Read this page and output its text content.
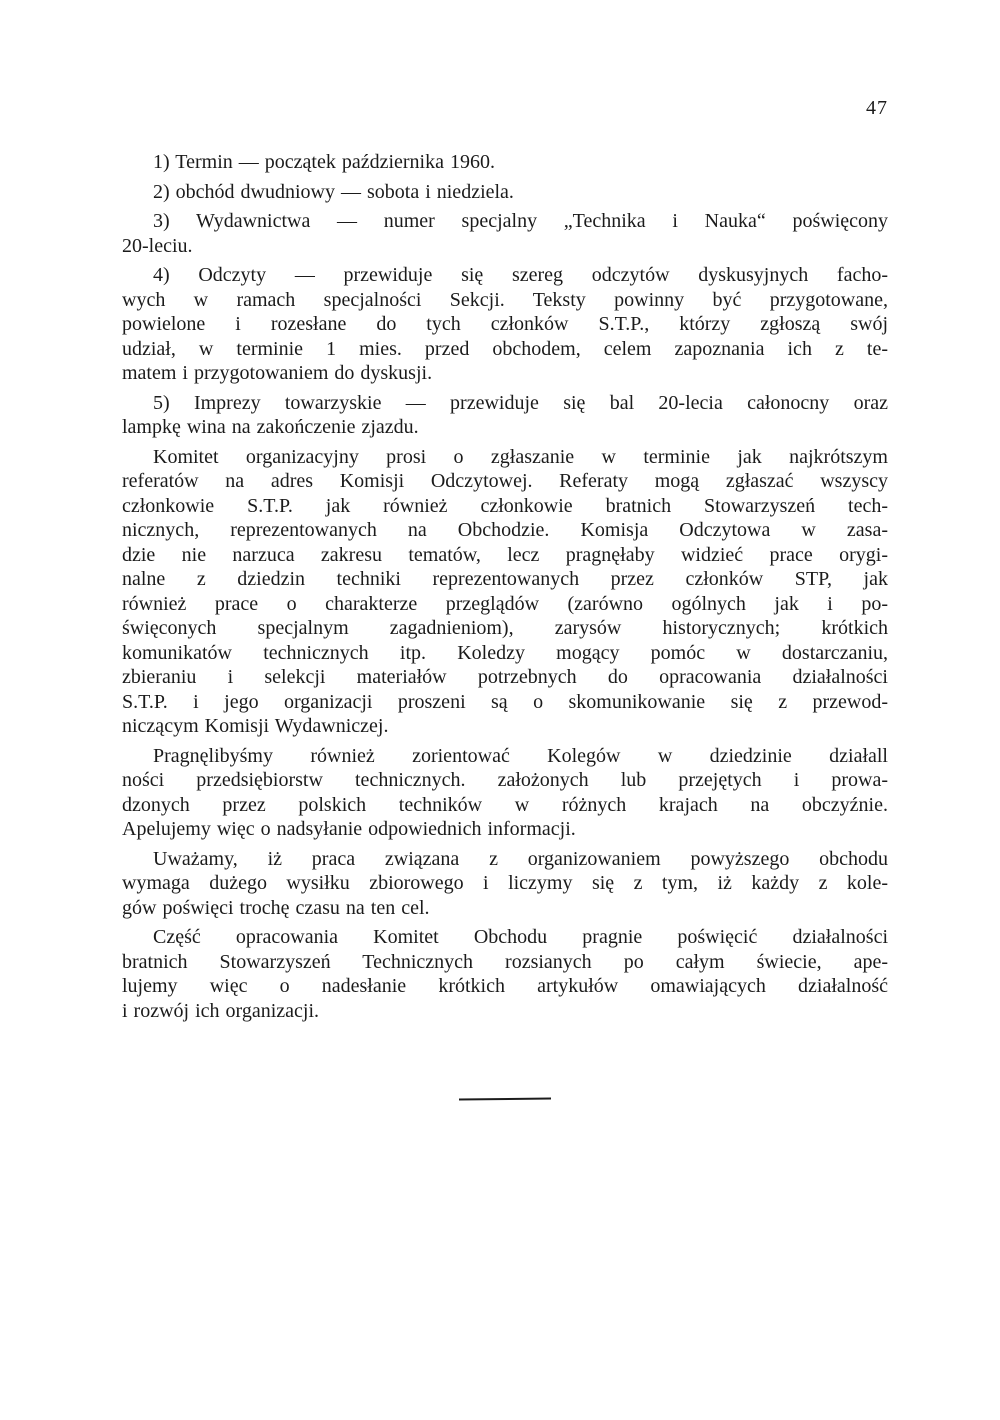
47
1) Termin — początek października 1960.
2) obchód dwudniowy — sobota i niedziela.
3) Wydawnictwa — numer specjalny „Technika i Nauka“ poświęcony
20-leciu.
4) Odczyty — przewiduje się szereg odczytów dyskusyjnych facho-
wych w ramach specjalności Sekcji. Teksty powinny być przygotowane,
powielone i rozesłane do tych członków S.T.P., którzy zgłoszą swój
udział, w terminie 1 mies. przed obchodem, celem zapoznania ich z te-
matem i przygotowaniem do dyskusji.
5) Imprezy towarzyskie — przewiduje się bal 20-lecia całonocny oraz
lampkę wina na zakończenie zjazdu.
Komitet organizacyjny prosi o zgłaszanie w terminie jak najkrótszym
referatów na adres Komisji Odczytowej. Referaty mogą zgłaszać wszyscy
członkowie S.T.P. jak również członkowie bratnich Stowarzyszeń tech-
nicznych, reprezentowanych na Obchodzie. Komisja Odczytowa w zasa-
dzie nie narzuca zakresu tematów, lecz pragnęłaby widzieć prace orygi-
nalne z dziedzin techniki reprezentowanych przez członków STP, jak
również prace o charakterze przeglądów (zarówno ogólnych jak i po-
święconych specjalnym zagadnieniom), zarysów historycznych; krótkich
komunikatów technicznych itp. Koledzy mogący pomóc w dostarczaniu,
zbieraniu i selekcji materiałów potrzebnych do opracowania działalności
S.T.P. i jego organizacji proszeni są o skomunikowanie się z przewod-
niczącym Komisji Wydawniczej.
Pragnęlibyśmy również zorientować Kolegów w dziedzinie działall
ności przedsiębiorstw technicznych. założonych lub przejętych i prowa-
dzonych przez polskich techników w różnych krajach na obczyźnie.
Apelujemy więc o nadsyłanie odpowiednich informacji.
Uważamy, iż praca związana z organizowaniem powyższego obchodu
wymaga dużego wysiłku zbiorowego i liczymy się z tym, iż każdy z kole-
gów poświęci trochę czasu na ten cel.
Część opracowania Komitet Obchodu pragnie poświęcić działalności
bratnich Stowarzyszeń Technicznych rozsianych po całym świecie, ape-
lujemy więc o nadesłanie krótkich artykułów omawiających działalność
i rozwój ich organizacji.
